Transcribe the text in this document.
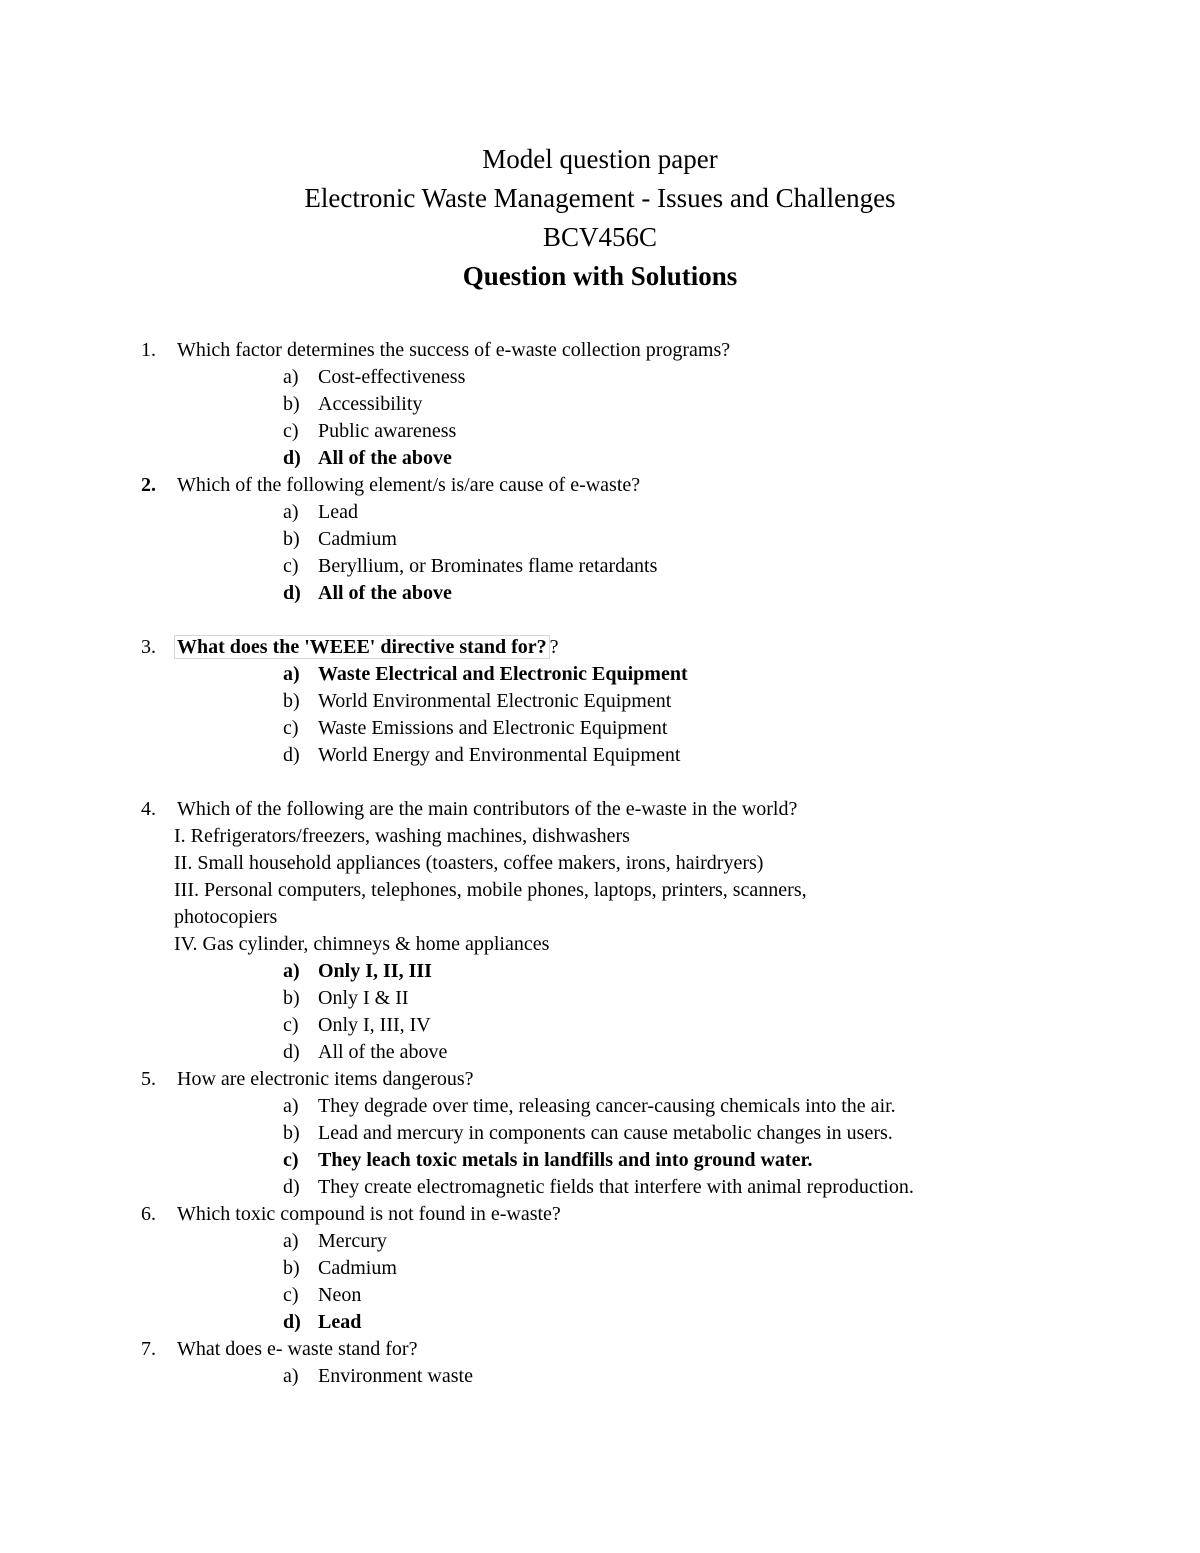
Model question paper
Electronic Waste Management - Issues and Challenges
BCV456C
Question with Solutions
1.	Which factor determines the success of e-waste collection programs?
a) Cost-effectiveness
b) Accessibility
c) Public awareness
d) All of the above
2.	Which of the following element/s is/are cause of e-waste?
a) Lead
b) Cadmium
c) Beryllium, or Brominates flame retardants
d) All of the above
3.	What does the 'WEEE' directive stand for? ?
a) Waste Electrical and Electronic Equipment
b) World Environmental Electronic Equipment
c) Waste Emissions and Electronic Equipment
d) World Energy and Environmental Equipment
4.	Which of the following are the main contributors of the e-waste in the world?
I. Refrigerators/freezers, washing machines, dishwashers
II. Small household appliances (toasters, coffee makers, irons, hairdryers)
III. Personal computers, telephones, mobile phones, laptops, printers, scanners,
photocopiers
IV. Gas cylinder, chimneys & home appliances
a) Only I, II, III
b) Only I & II
c) Only I, III, IV
d) All of the above
5.	How are electronic items dangerous?
a) They degrade over time, releasing cancer-causing chemicals into the air.
b) Lead and mercury in components can cause metabolic changes in users.
c) They leach toxic metals in landfills and into ground water.
d) They create electromagnetic fields that interfere with animal reproduction.
6.	Which toxic compound is not found in e-waste?
a) Mercury
b) Cadmium
c) Neon
d) Lead
7.	What does e- waste stand for?
a) Environment waste
